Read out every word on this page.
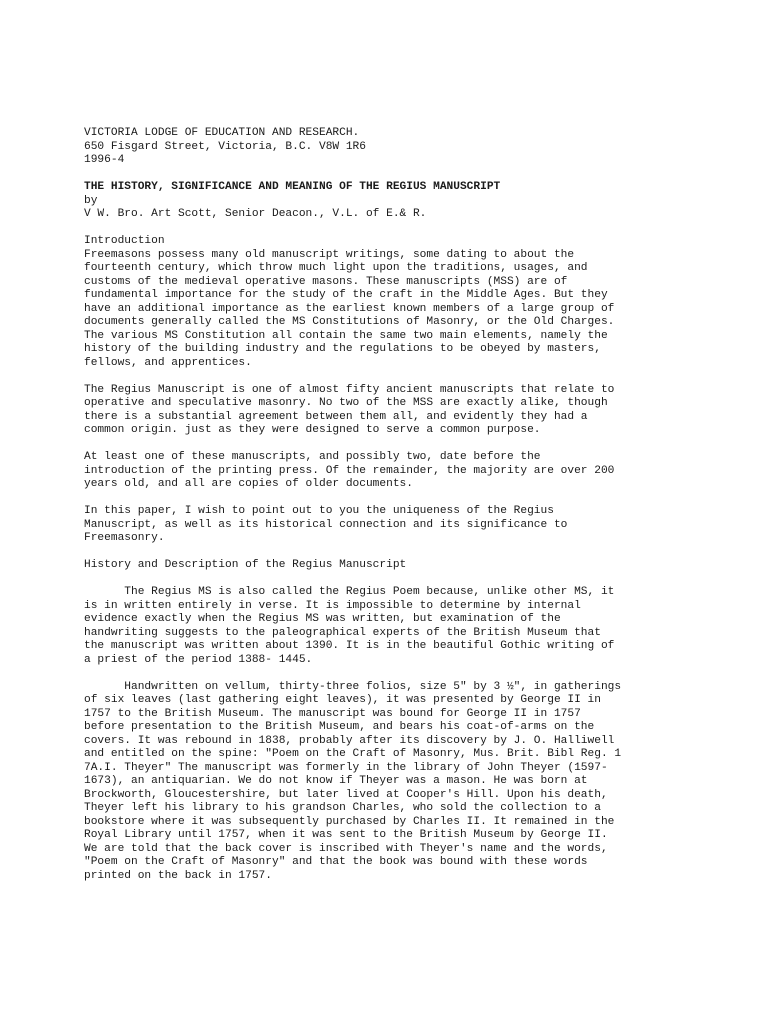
VICTORIA LODGE OF EDUCATION AND RESEARCH.
650 Fisgard Street, Victoria, B.C. V8W 1R6
1996-4
THE HISTORY, SIGNIFICANCE AND MEANING OF THE REGIUS MANUSCRIPT
by
V W. Bro. Art Scott, Senior Deacon., V.L. of E.& R.
Introduction
Freemasons possess many old manuscript writings, some dating to about the
fourteenth century, which throw much light upon the traditions, usages, and
customs of the medieval operative masons. These manuscripts (MSS) are of
fundamental importance for the study of the craft in the Middle Ages. But they
have an additional importance as the earliest known members of a large group of
documents generally called the MS Constitutions of Masonry, or the Old Charges.
The various MS Constitution all contain the same two main elements, namely the
history of the building industry and the regulations to be obeyed by masters,
fellows, and apprentices.
The Regius Manuscript is one of almost fifty ancient manuscripts that relate to
operative and speculative masonry. No two of the MSS are exactly alike, though
there is a substantial agreement between them all, and evidently they had a
common origin. just as they were designed to serve a common purpose.
At least one of these manuscripts, and possibly two, date before the
introduction of the printing press. Of the remainder, the majority are over 200
years old, and all are copies of older documents.
In this paper, I wish to point out to you the uniqueness of the Regius
Manuscript, as well as its historical connection and its significance to
Freemasonry.
History and Description of the Regius Manuscript
The Regius MS is also called the Regius Poem because, unlike other MS, it
is in written entirely in verse. It is impossible to determine by internal
evidence exactly when the Regius MS was written, but examination of the
handwriting suggests to the paleographical experts of the British Museum that
the manuscript was written about 1390. It is in the beautiful Gothic writing of
a priest of the period 1388- 1445.
Handwritten on vellum, thirty-three folios, size 5" by 3 ½", in gatherings
of six leaves (last gathering eight leaves), it was presented by George II in
1757 to the British Museum. The manuscript was bound for George II in 1757
before presentation to the British Museum, and bears his coat-of-arms on the
covers. It was rebound in 1838, probably after its discovery by J. O. Halliwell
and entitled on the spine: "Poem on the Craft of Masonry, Mus. Brit. Bibl Reg. 1
7A.I. Theyer" The manuscript was formerly in the library of John Theyer (1597-
1673), an antiquarian. We do not know if Theyer was a mason. He was born at
Brockworth, Gloucestershire, but later lived at Cooper's Hill. Upon his death,
Theyer left his library to his grandson Charles, who sold the collection to a
bookstore where it was subsequently purchased by Charles II. It remained in the
Royal Library until 1757, when it was sent to the British Museum by George II.
We are told that the back cover is inscribed with Theyer's name and the words,
"Poem on the Craft of Masonry" and that the book was bound with these words
printed on the back in 1757.
